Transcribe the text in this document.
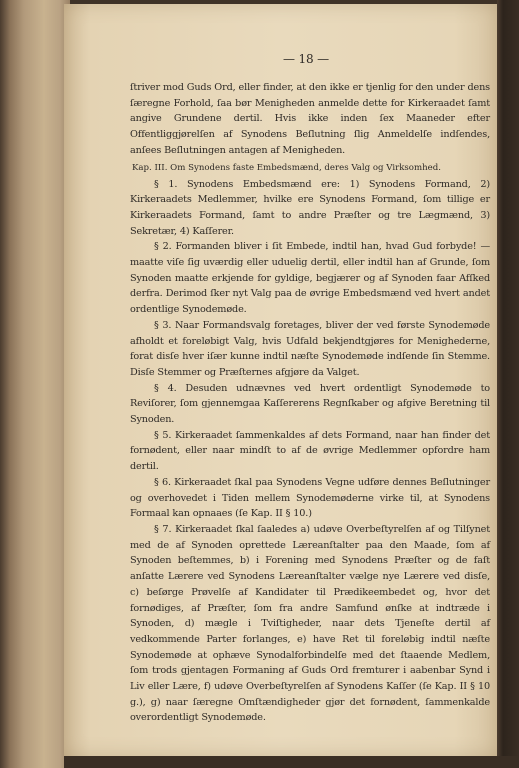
— 18 —

ſtriver mod Guds Ord, eller finder, at den ikke er tjenlig for den under dens ſæregne Forhold, ſaa bør Menigheden anmelde dette for Kirkeraadet ſamt angive Grundene dertil. Hvis ikke inden ſex Maaneder efter Offentliggjørelſen af Synodens Beſlutning ſlig Anmeldelſe indſendes, anſees Beſlutningen antagen af Menigheden.

Kap. III. Om Synodens faste Embedsmænd, deres Valg og Virksomhed.

§ 1. Synodens Embedsmænd ere: 1) Synodens Formand, 2) Kirkeraadets Medlemmer, hvilke ere Synodens Formand, ſom tillige er Kirkeraadets Formand, ſamt to andre Præſter og tre Lægmænd, 3) Sekretær, 4) Kaſſerer.

§ 2. Formanden bliver i ſit Embede, indtil han, hvad Gud forbyde! — maatte viſe ſig uværdig eller uduelig dertil, eller indtil han af Grunde, ſom Synoden maatte erkjende for gyldige, begjærer og af Synoden faar Afſked derfra. Derimod ſker nyt Valg paa de øvrige Embedsmænd ved hvert andet ordentlige Synodemøde.

§ 3. Naar Formandsvalg foretages, bliver der ved første Synodemøde afholdt et foreløbigt Valg, hvis Udfald bekjendtgjøres for Menighederne, forat disſe hver iſær kunne indtil næſte Synodemøde indſende ſin Stemme. Disſe Stemmer og Præſternes afgjøre da Valget.

§ 4. Desuden udnævnes ved hvert ordentligt Synodemøde to Reviſorer, ſom gjennemgaa Kaſſererens Regnſkaber og afgive Beretning til Synoden.

§ 5. Kirkeraadet ſammenkaldes af dets Formand, naar han finder det fornødent, eller naar mindſt to af de øvrige Medlemmer opfordre ham dertil.

§ 6. Kirkeraadet ſkal paa Synodens Vegne udføre dennes Beſlutninger og overhovedet i Tiden mellem Synodemøderne virke til, at Synodens Formaal kan opnaaes (ſe Kap. II § 10.)

§ 7. Kirkeraadet ſkal ſaaledes a) udøve Overbeſtyrelſen af og Tilſynet med de af Synoden oprettede Læreanſtalter paa den Maade, ſom af Synoden beſtemmes, b) i Forening med Synodens Præſter og de faſt anſatte Lærere ved Synodens Læreanſtalter vælge nye Lærere ved disſe, c) beſørge Prøvelſe af Kandidater til Prædikeembedet og, hvor det fornødiges, af Præſter, ſom fra andre Samfund ønſke at indtræde i Synoden, d) mægle i Tviſtigheder, naar dets Tjeneſte dertil af vedkommende Parter forlanges, e) have Ret til foreløbig indtil næſte Synodemøde at ophæve Synodalforbindelſe med det ſtaaende Medlem, ſom trods gjentagen Formaning af Guds Ord fremturer i aabenbar Synd i Liv eller Lære, f) udøve Overbeſtyrelſen af Synodens Kaſſer (ſe Kap. II § 10 g.), g) naar ſæregne Omſtændigheder gjør det fornødent, ſammenkalde overordentligt Synodemøde.
